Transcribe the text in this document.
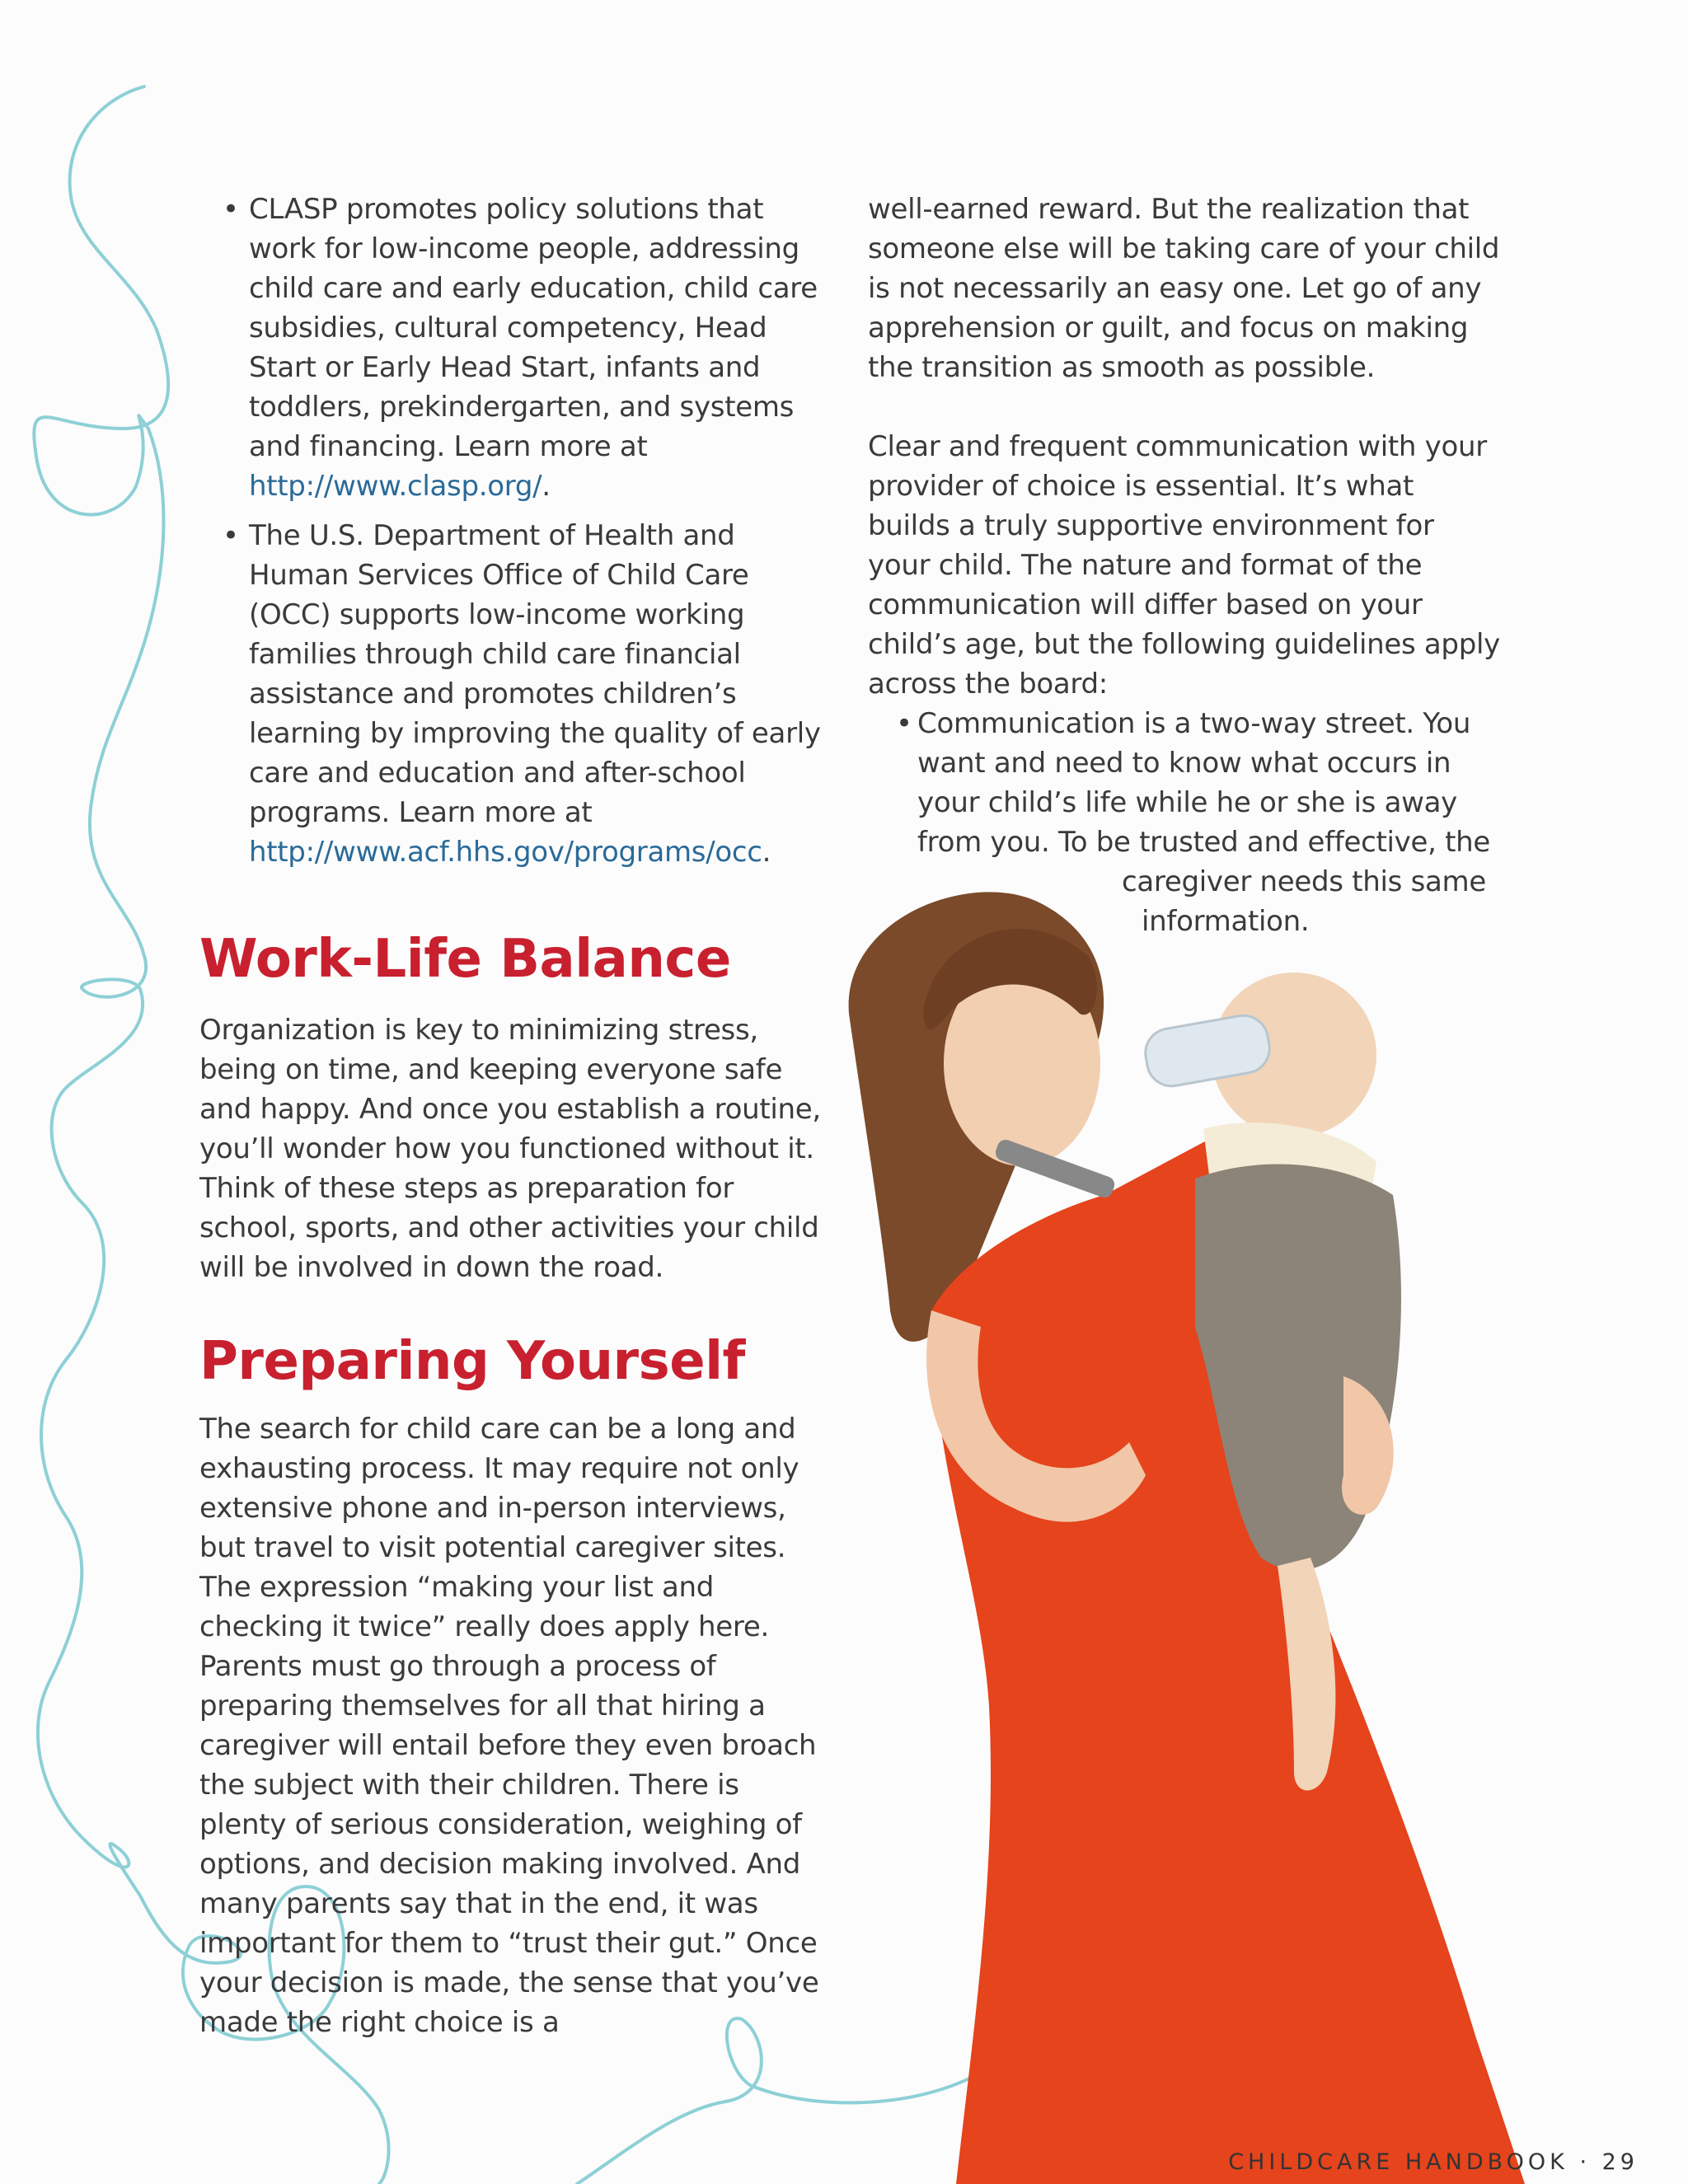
• CLASP promotes policy solutions that work for low-income people, addressing child care and early education, child care subsidies, cultural competency, Head Start or Early Head Start, infants and toddlers, prekindergarten, and systems and financing. Learn more at http://www.clasp.org/.
• The U.S. Department of Health and Human Services Office of Child Care (OCC) supports low-income working families through child care financial assistance and promotes children’s learning by improving the quality of early care and education and after-school programs. Learn more at http://www.acf.hhs.gov/programs/occ.
Work-Life Balance

Organization is key to minimizing stress, being on time, and keeping everyone safe and happy. And once you establish a routine, you’ll wonder how you functioned without it. Think of these steps as preparation for school, sports, and other activities your child will be involved in down the road.

Preparing Yourself

The search for child care can be a long and exhausting process. It may require not only extensive phone and in-person interviews, but travel to visit potential caregiver sites. The expression “making your list and checking it twice” really does apply here. Parents must go through a process of preparing themselves for all that hiring a caregiver will entail before they even broach the subject with their children. There is plenty of serious consideration, weighing of options, and decision making involved. And many parents say that in the end, it was important for them to “trust their gut.” Once your decision is made, the sense that you’ve made the right choice is a

well-earned reward. But the realization that someone else will be taking care of your child is not necessarily an easy one. Let go of any apprehension or guilt, and focus on making the transition as smooth as possible.

Clear and frequent communication with your provider of choice is essential. It’s what builds a truly supportive environment for your child. The nature and format of the communication will differ based on your child’s age, but the following guidelines apply across the board:

• Communication is a two-way street. You
want and need to know what occurs in
your child’s life while he or she is away
from you. To be trusted and effective, the
caregiver needs this same
information.
CHILDCARE HANDBOOK · 29
